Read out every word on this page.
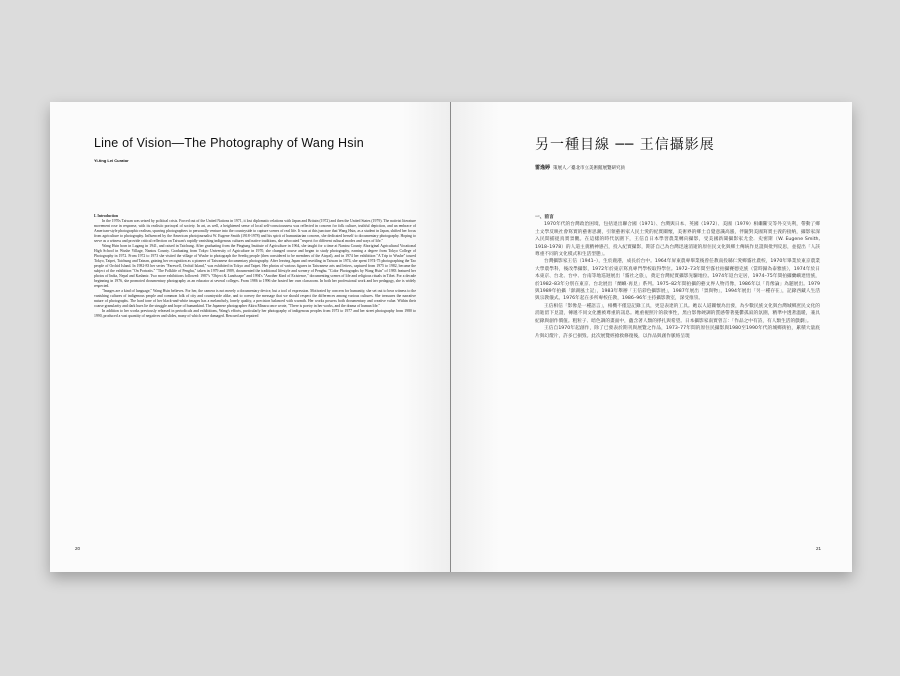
Line of Vision—The Photography of Wang Hsin
Yi-ting Lei Curator

I. Introduction

In the 1970s Taiwan was seized by political crisis. Forced out of the United Nations in 1971, it lost diplomatic relations with Japan and Britain (1972) and then the United States (1979). The nativist literature movement rose in response, with its realistic portrayal of society. In art, as well, a heightened sense of local self-consciousness was reflected in concern for folk culture, truthful depiction, and an embrace of American-style photographic realism, spurring photographers to personally venture into the countryside to capture scenes of real life. It was at this juncture that Wang Hsin, as a student in Japan, shifted her focus from agriculture to photography. Influenced by the American photojournalist W. Eugene Smith (1918-1978) and his spirit of humanitarian concern, she dedicated herself to documentary photography. Hoping to serve as a witness and provide critical reflection on Taiwan's rapidly vanishing indigenous cultures and native traditions, she advocated "respect for different cultural modes and ways of life."

Wang Hsin born in Lugang in 1941, and raised in Taichung. After graduating from the Pingtung Institute of Agriculture in 1964, she taught for a time at Nantou County Aboriginal Agricultural Vocational High School in Wushe Village, Nantou County. Graduating from Tokyo University of Agriculture in 1970, she changed course and began to study photography, earning a degree from Tokyo College of Photography in 1972. From 1972 to 1973 she visited the village of Wushe to photograph the Seediq people (then considered to be members of the Atayal), and in 1974 her exhibition "A Trip to Wushe" toured Tokyo, Taipei, Taichung and Tainan, gaining her recognition as a pioneer of Taiwanese documentary photography. After leaving Japan and resettling in Taiwan in 1974, she spent 1974-75 photographing the Tao people of Orchid Island. In 1982-83 her series "Farewell, Orchid Island," was exhibited in Tokyo and Taipei. Her photos of various figures in Taiwanese arts and letters, captured from 1975 to 1982, became the subject of the exhibition "On Portraits." "The Folklife of Penghu," taken in 1979 and 1989, documented the traditional lifestyle and scenery of Penghu. "Color Photographs by Wang Hsin" of 1983 featured her photos of India, Nepal and Kashmir. Two more exhibitions followed: 1987's "Object & Landscape" and 1994's "Another Kind of Existence," documenting scenes of life and religious rituals in Tibet. For a decade beginning in 1976, she promoted documentary photography as an educator at several colleges. From 1986 to 1996 she hosted her own classroom. In both her professional work and her pedagogy, she is widely respected.

"Images are a kind of language," Wang Hsin believes. For her, the camera is not merely a documentary device, but a tool of expression. Motivated by concern for humanity, she set out to bear witness to the vanishing cultures of indigenous people and common folk of city and countryside alike, and to convey the message that we should respect the differences among various cultures. She treasures the narrative nature of photographs. The hard tone of her black-and-white images has a melancholy, lonely quality, a precision balanced with warmth. Her works possess both documentary and creative value. Within their coarse granularity and dark hues lie the struggle and hope of humankind. The Japanese photographer Akira Minaru once wrote, "There is poetry in her works, and the drama of human life."

In addition to her works previously released in periodicals and exhibitions, Wang's efforts, particularly her photography of indigenous peoples from 1973 to 1977 and her street photography from 1980 to 1990, produced a vast quantity of negatives and slides, many of which were damaged. Rescued and repaired

20
另一種目線 ── 王信攝影展
雷逸婷 策展人／臺北市立美術館展覽研究員

一、前言

1970年代的台灣政治困境，包括退出聯合國（1971）、台灣與日本、英國（1972）、美國（1979）相繼斷交等外交失利，帶動了鄉土文學反映社會寫實的藝術思潮，引領藝術家人民土愛的紀實關懷，美術界的鄉土自覺意識高漲，伴隨對美國寫實主義的接納，攝影家深入民間捕捉真實景觀。在這樣的時代氛圍下，王信自日本學習農業轉向攝影，受美國新聞攝影家尤金．史密斯（W. Eugene Smith, 1918–1978）的人道主義精神感召，投入紀實攝影，期許自己為台灣迅速消逝的原住民文化與鄉土傳統作見證與批判反思，並提出「人該尊重不同的文化模式和生活型態」。

台灣攝影家王信（1941–），生於鹿港，成長於台中。1964年屏東農專畢業後曾任教南投縣仁愛鄉霧社農校，1970年畢業於東京農業大學農學科，後改學攝影，1972年於東京寫真專門學校取得學位。1972–73年間至霧社拍攝賽德克族（當時歸為泰雅族），1974年於日本東京、台北、台中、台南等地巡迴展出「霧社之旅」，奠定台灣紀實攝影先驅地位。1974年返台定居，1974–75年間拍攝蘭嶼達悟族，於1982–83年分別在東京、台北展出「蘭嶼‧再見」系列。1975–82年間拍攝的藝文界人物肖像，1986年以「肖像論」為題展出。1979與1989年拍攝「澎湖風土記」，1983年舉辦「王信彩色攝影展」，1987年展出「景與物」，1994年展出「另一種存在」，記錄西藏人生活與宗教儀式。1976年起在多所專校任教，1986–96年主持攝影教室，深受推崇。

王信相信「影像是一種語言」，相機不僅是記錄工具，更是表達的工具。她以人道關懷為出發，為少數民族文化與台灣城鄉庶民文化的消逝留下見證，傳遞不同文化應被尊重的訊息。她重視照片的敘事性，黑白影像硬調的質感帶著憂鬱孤寂的氛圍，精準中透著溫暖，兼具紀錄與創作價值。粗粒子、暗色調的畫面中，蘊含著人類的掙扎與希望。日本攝影家南實曾言：「作品之中有詩，有人類生活的戲劇」。

王信自1970年起創作，除了已發表於期刊與展覽之作品，1973–77年間的原住民攝影與1980至1990年代的城鄉街拍，累積大量底片與幻燈片，許多已損毀。此次展覽經搶救修復後，以作品與創作脈絡呈現

21
